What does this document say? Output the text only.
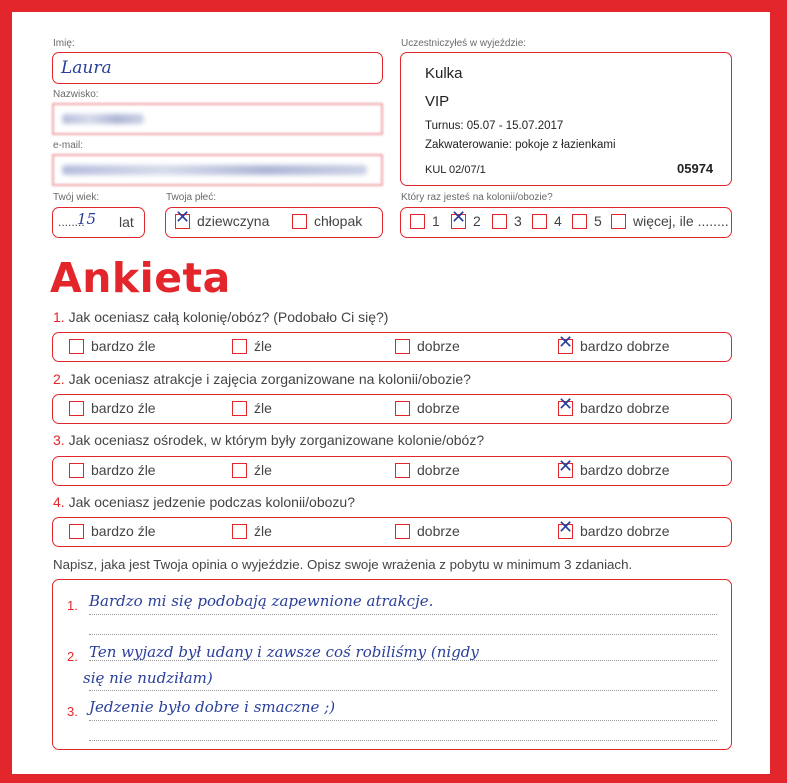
Imię:
Laura
Nazwisko:
e-mail:
Twój wiek:
........
15 lat
Twoja płeć:
✕ dziewczyna	chłopak
Uczestniczyłeś w wyjeździe:
Kulka
VIP
Turnus: 05.07 - 15.07.2017
Zakwaterowanie: pokoje z łazienkami
KUL 02/07/1	05974
Który raz jesteś na kolonii/obozie?
1 ✕ 2 3 4 5 więcej, ile ........
Ankieta
1. Jak oceniasz całą kolonię/obóz? (Podobało Ci się?)
bardzo źle	źle	dobrze	✕ bardzo dobrze
2. Jak oceniasz atrakcje i zajęcia zorganizowane na kolonii/obozie?
bardzo źle	źle	dobrze	✕ bardzo dobrze
3. Jak oceniasz ośrodek, w którym były zorganizowane kolonie/obóz?
bardzo źle	źle	dobrze	✕ bardzo dobrze
4. Jak oceniasz jedzenie podczas kolonii/obozu?
bardzo źle	źle	dobrze	✕ bardzo dobrze
Napisz, jaka jest Twoja opinia o wyjeździe. Opisz swoje wrażenia z pobytu w minimum 3 zdaniach.
1.
2.
3.
Bardzo mi się podobają zapewnione atrakcje.
Ten wyjazd był udany i zawsze coś robiliśmy (nigdy
się nie nudziłam)
Jedzenie było dobre i smaczne ;)
